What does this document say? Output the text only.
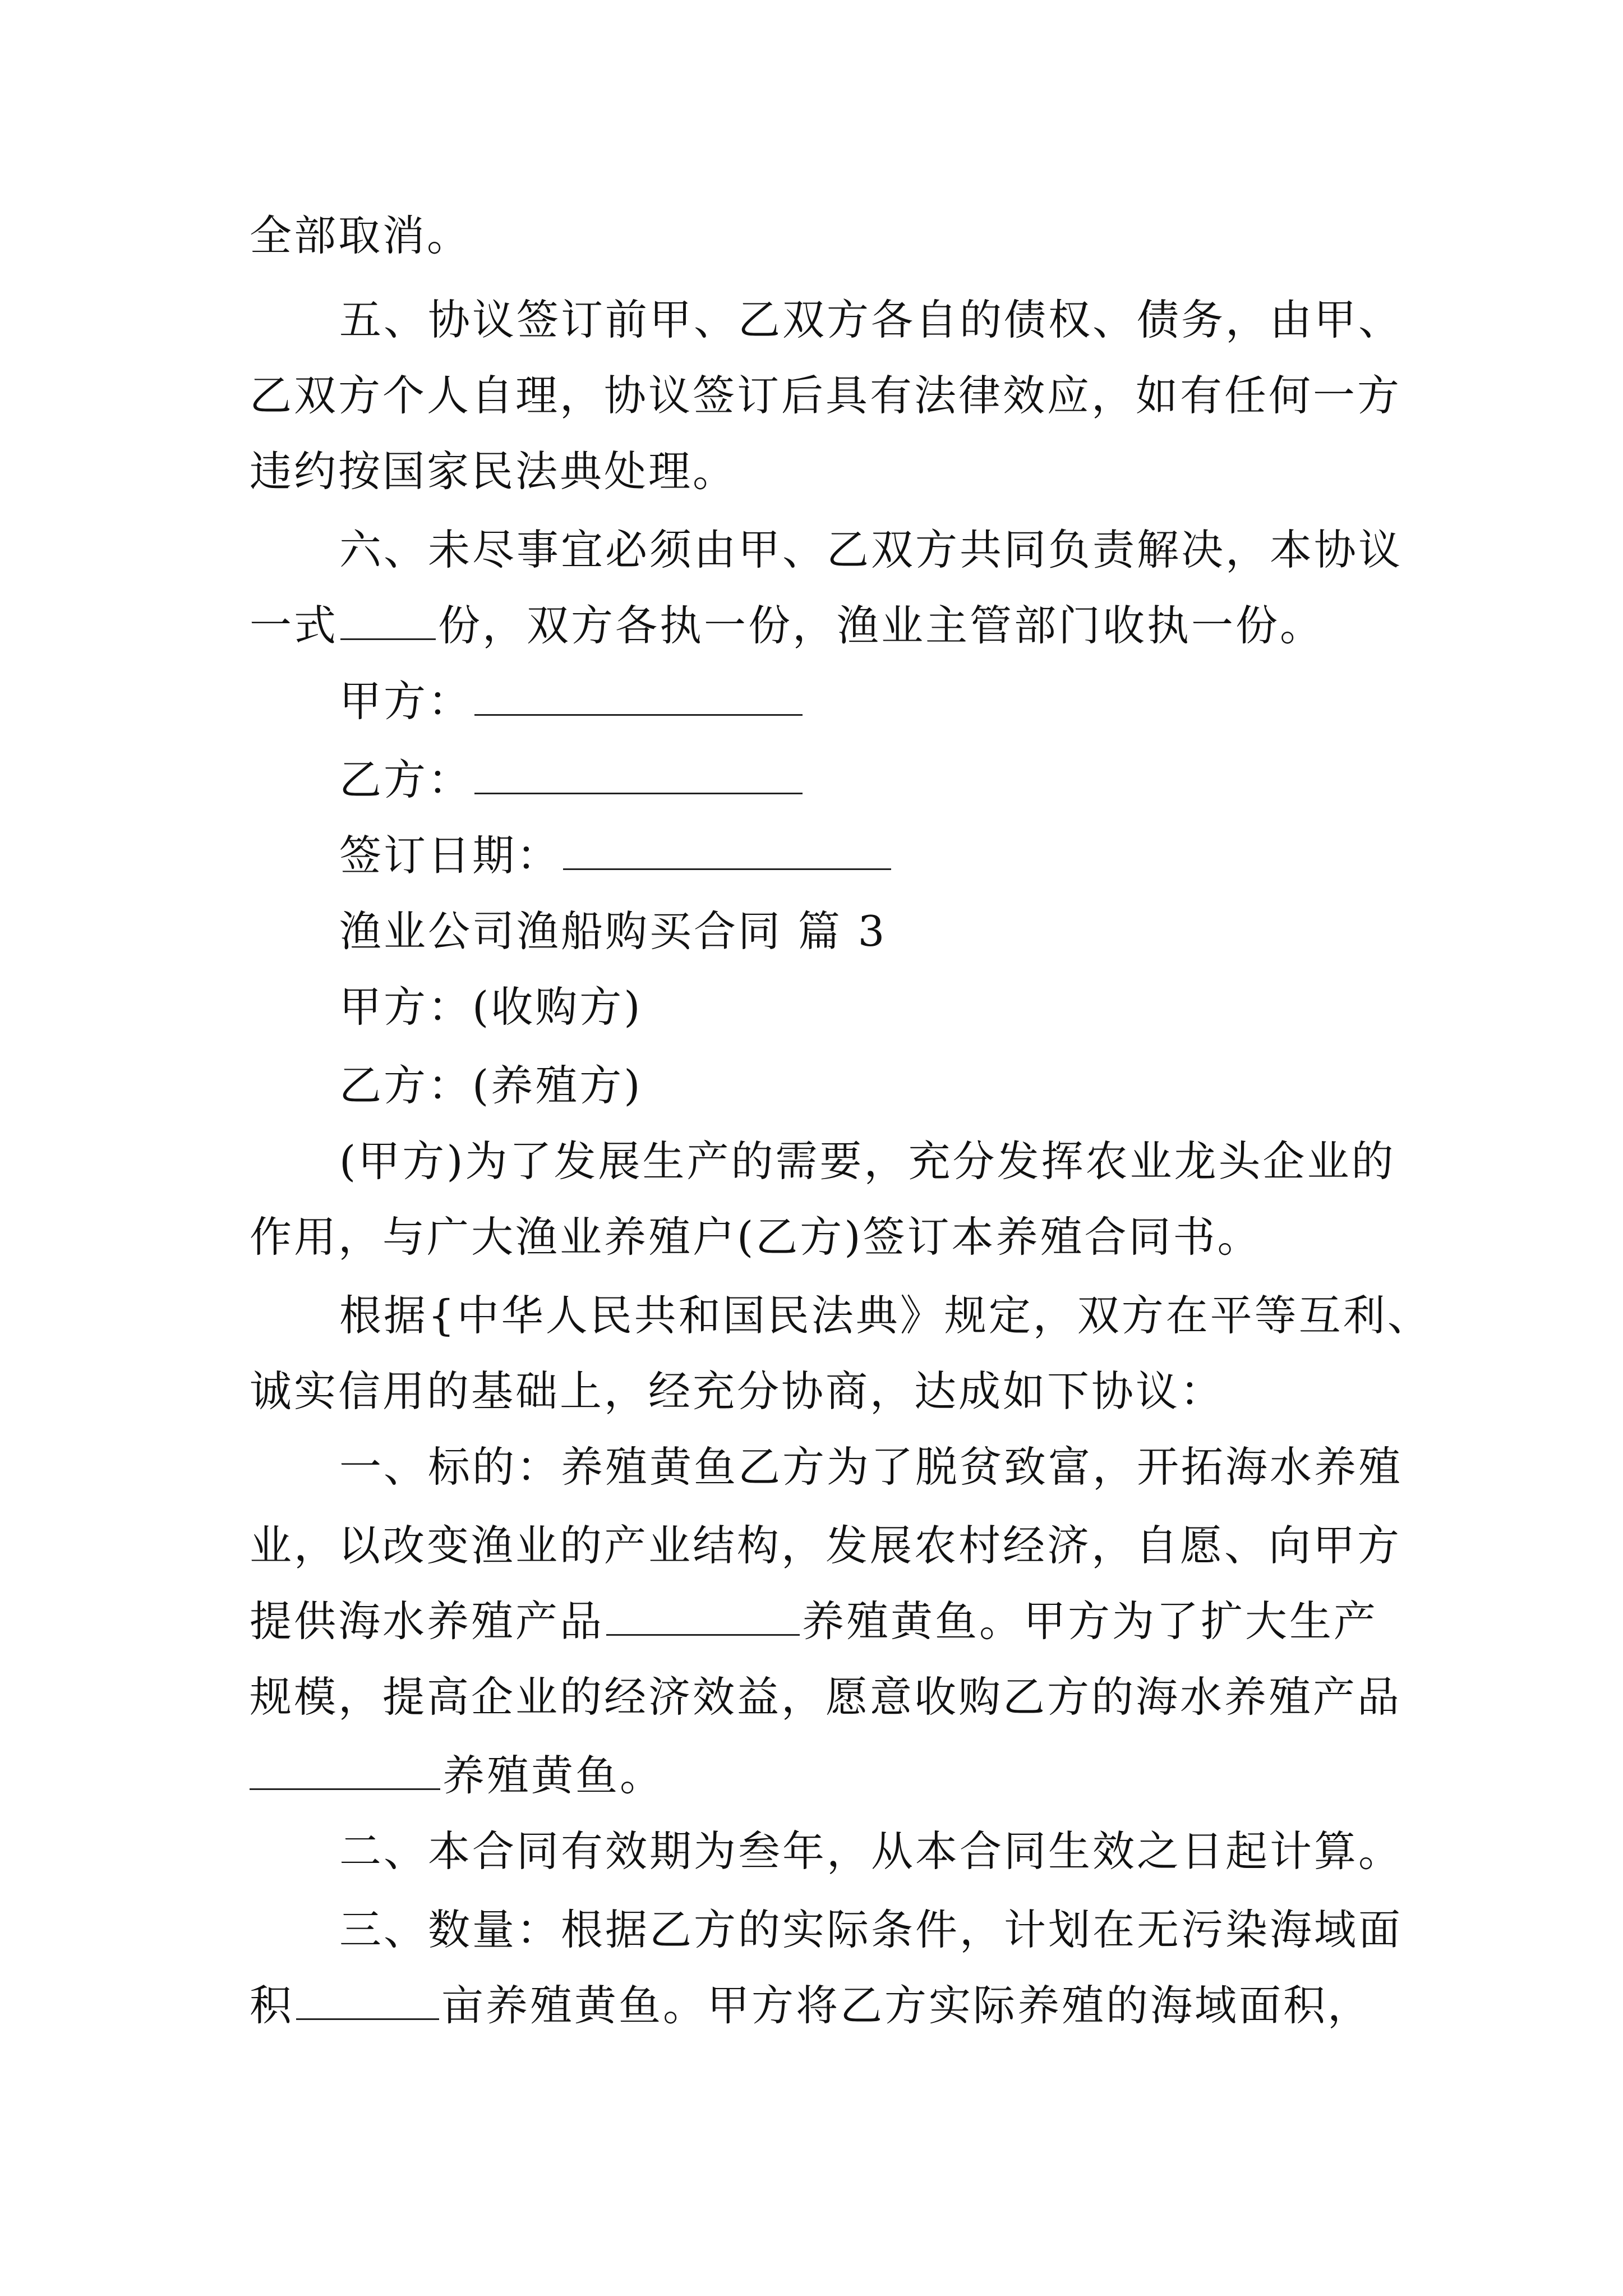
全部取消。
五、协议签订前甲、乙双方各自的债权、债务，由甲、
乙双方个人自理，协议签订后具有法律效应，如有任何一方
违约按国家民法典处理。
六、未尽事宜必须由甲、乙双方共同负责解决，本协议
一式 份，双方各执一份，渔业主管部门收执一份。
甲方：
乙方：
签订日期：
渔业公司渔船购买合同 篇 3
甲方：(收购方)
乙方：(养殖方)
(甲方)为了发展生产的需要，充分发挥农业龙头企业的
作用，与广大渔业养殖户(乙方)签订本养殖合同书。
根据{中华人民共和国民法典》规定，双方在平等互利、
诚实信用的基础上，经充分协商，达成如下协议：
一、标的：养殖黄鱼乙方为了脱贫致富，开拓海水养殖
业，以改变渔业的产业结构，发展农村经济，自愿、向甲方
提供海水养殖产品	养殖黄鱼。甲方为了扩大生产
规模，提高企业的经济效益，愿意收购乙方的海水养殖产品
养殖黄鱼。
二、本合同有效期为叁年，从本合同生效之日起计算。
三、数量：根据乙方的实际条件，计划在无污染海域面
积	亩养殖黄鱼。甲方将乙方实际养殖的海域面积，
